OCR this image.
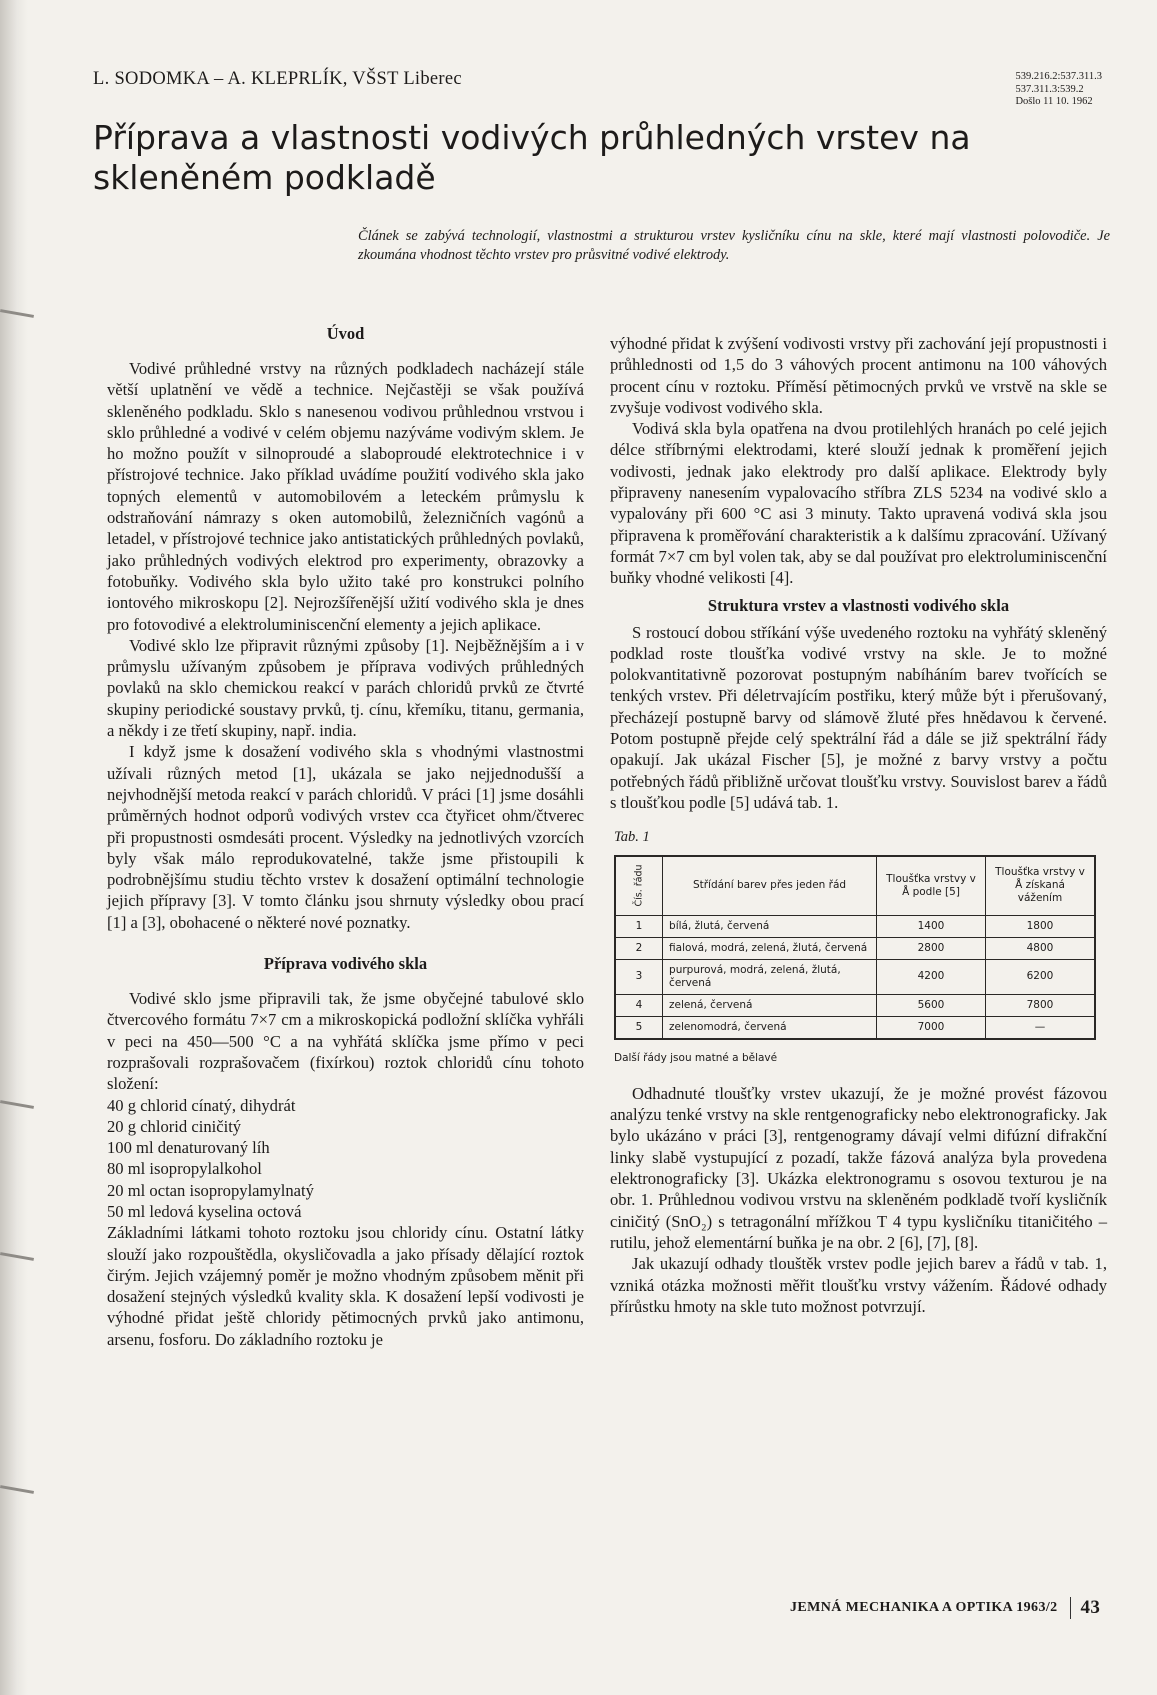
L. SODOMKA – A. KLEPRLÍK, VŠST Liberec	539.216.2:537.311.3
537.311.3:539.2
Došlo 11 10. 1962
Příprava a vlastnosti vodivých průhledných vrstev na skleněném podkladě

Článek se zabývá technologií, vlastnostmi a strukturou vrstev kysličníku cínu na skle, které mají vlastnosti polovodiče. Je zkoumána vhodnost těchto vrstev pro průsvitné vodivé elektrody.

Úvod

Vodivé průhledné vrstvy na různých podkladech nacházejí stále větší uplatnění ve vědě a technice. Nejčastěji se však používá skleněného podkladu. Sklo s nanesenou vodivou průhlednou vrstvou i sklo průhledné a vodivé v celém objemu nazýváme vodivým sklem. Je ho možno použít v silnoproudé a slaboproudé elektrotechnice i v přístrojové technice. Jako příklad uvádíme použití vodivého skla jako topných elementů v automobilovém a leteckém průmyslu k odstraňování námrazy s oken automobilů, železničních vagónů a letadel, v přístrojové technice jako antistatických průhledných povlaků, jako průhledných vodivých elektrod pro experimenty, obrazovky a fotobuňky. Vodivého skla bylo užito také pro konstrukci polního iontového mikroskopu [2]. Nejrozšířenější užití vodivého skla je dnes pro fotovodivé a elektroluminiscenční elementy a jejich aplikace.

Vodivé sklo lze připravit různými způsoby [1]. Nejběžnějším a i v průmyslu užívaným způsobem je příprava vodivých průhledných povlaků na sklo chemickou reakcí v parách chloridů prvků ze čtvrté skupiny periodické soustavy prvků, tj. cínu, křemíku, titanu, germania, a někdy i ze třetí skupiny, např. india.

I když jsme k dosažení vodivého skla s vhodnými vlastnostmi užívali různých metod [1], ukázala se jako nejjednodušší a nejvhodnější metoda reakcí v parách chloridů. V práci [1] jsme dosáhli průměrných hodnot odporů vodivých vrstev cca čtyřicet ohm/čtverec při propustnosti osmdesáti procent. Výsledky na jednotlivých vzorcích byly však málo reprodukovatelné, takže jsme přistoupili k podrobnějšímu studiu těchto vrstev k dosažení optimální technologie jejich přípravy [3]. V tomto článku jsou shrnuty výsledky obou prací [1] a [3], obohacené o některé nové poznatky.

Příprava vodivého skla

Vodivé sklo jsme připravili tak, že jsme obyčejné tabulové sklo čtvercového formátu 7×7 cm a mikroskopická podložní sklíčka vyhřáli v peci na 450—500 °C a na vyhřátá sklíčka jsme přímo v peci rozprašovali rozprašovačem (fixírkou) roztok chloridů cínu tohoto složení:

40 g chlorid cínatý, dihydrát
20 g chlorid ciničitý
100 ml denaturovaný líh
80 ml isopropylalkohol
20 ml octan isopropylamylnatý
50 ml ledová kyselina octová

Základními látkami tohoto roztoku jsou chloridy cínu. Ostatní látky slouží jako rozpouštědla, okysličovadla a jako přísady dělající roztok čirým. Jejich vzájemný poměr je možno vhodným způsobem měnit při dosažení stejných výsledků kvality skla. K dosažení lepší vodivosti je výhodné přidat ještě chloridy pětimocných prvků jako antimonu, arsenu, fosforu. Do základního roztoku je

výhodné přidat k zvýšení vodivosti vrstvy při zachování její propustnosti i průhlednosti od 1,5 do 3 váhových procent antimonu na 100 váhových procent cínu v roztoku. Příměsí pětimocných prvků ve vrstvě na skle se zvyšuje vodivost vodivého skla.

Vodivá skla byla opatřena na dvou protilehlých hranách po celé jejich délce stříbrnými elektrodami, které slouží jednak k proměření jejich vodivosti, jednak jako elektrody pro další aplikace. Elektrody byly připraveny nanesením vypalovacího stříbra ZLS 5234 na vodivé sklo a vypalovány při 600 °C asi 3 minuty. Takto upravená vodivá skla jsou připravena k proměřování charakteristik a k dalšímu zpracování. Užívaný formát 7×7 cm byl volen tak, aby se dal používat pro elektroluminiscenční buňky vhodné velikosti [4].

Struktura vrstev a vlastnosti vodivého skla

S rostoucí dobou stříkání výše uvedeného roztoku na vyhřátý skleněný podklad roste tloušťka vodivé vrstvy na skle. Je to možné polokvantitativně pozorovat postupným nabíháním barev tvořících se tenkých vrstev. Při déletrvajícím postřiku, který může být i přerušovaný, přecházejí postupně barvy od slámově žluté přes hnědavou k červené. Potom postupně přejde celý spektrální řád a dále se již spektrální řády opakují. Jak ukázal Fischer [5], je možné z barvy vrstvy a počtu potřebných řádů přibližně určovat tloušťku vrstvy. Souvislost barev a řádů s tloušťkou podle [5] udává tab. 1.

Tab. 1
Čís. řádu	Střídání barev přes jeden řád	Tloušťka vrstvy v Å podle [5]	Tloušťka vrstvy v Å získaná vážením
1	bílá, žlutá, červená	1400	1800
2	fialová, modrá, zelená, žlutá, červená	2800	4800
3	purpurová, modrá, zelená, žlutá, červená	4200	6200
4	zelená, červená	5600	7800
5	zelenomodrá, červená	7000	—
Další řády jsou matné a bělavé

Odhadnuté tloušťky vrstev ukazují, že je možné provést fázovou analýzu tenké vrstvy na skle rentgenograficky nebo elektronograficky. Jak bylo ukázáno v práci [3], rentgenogramy dávají velmi difúzní difrakční linky slabě vystupující z pozadí, takže fázová analýza byla provedena elektronograficky [3]. Ukázka elektronogramu s osovou texturou je na obr. 1. Průhlednou vodivou vrstvu na skleněném podkladě tvoří kysličník ciničitý (SnO₂) s tetragonální mřížkou T 4 typu kysličníku titaničitého – rutilu, jehož elementární buňka je na obr. 2 [6], [7], [8].

Jak ukazují odhady tlouštěk vrstev podle jejich barev a řádů v tab. 1, vzniká otázka možnosti měřit tloušťku vrstvy vážením. Řádové odhady přírůstku hmoty na skle tuto možnost potvrzují.

JEMNÁ MECHANIKA A OPTIKA 1963/2 43
